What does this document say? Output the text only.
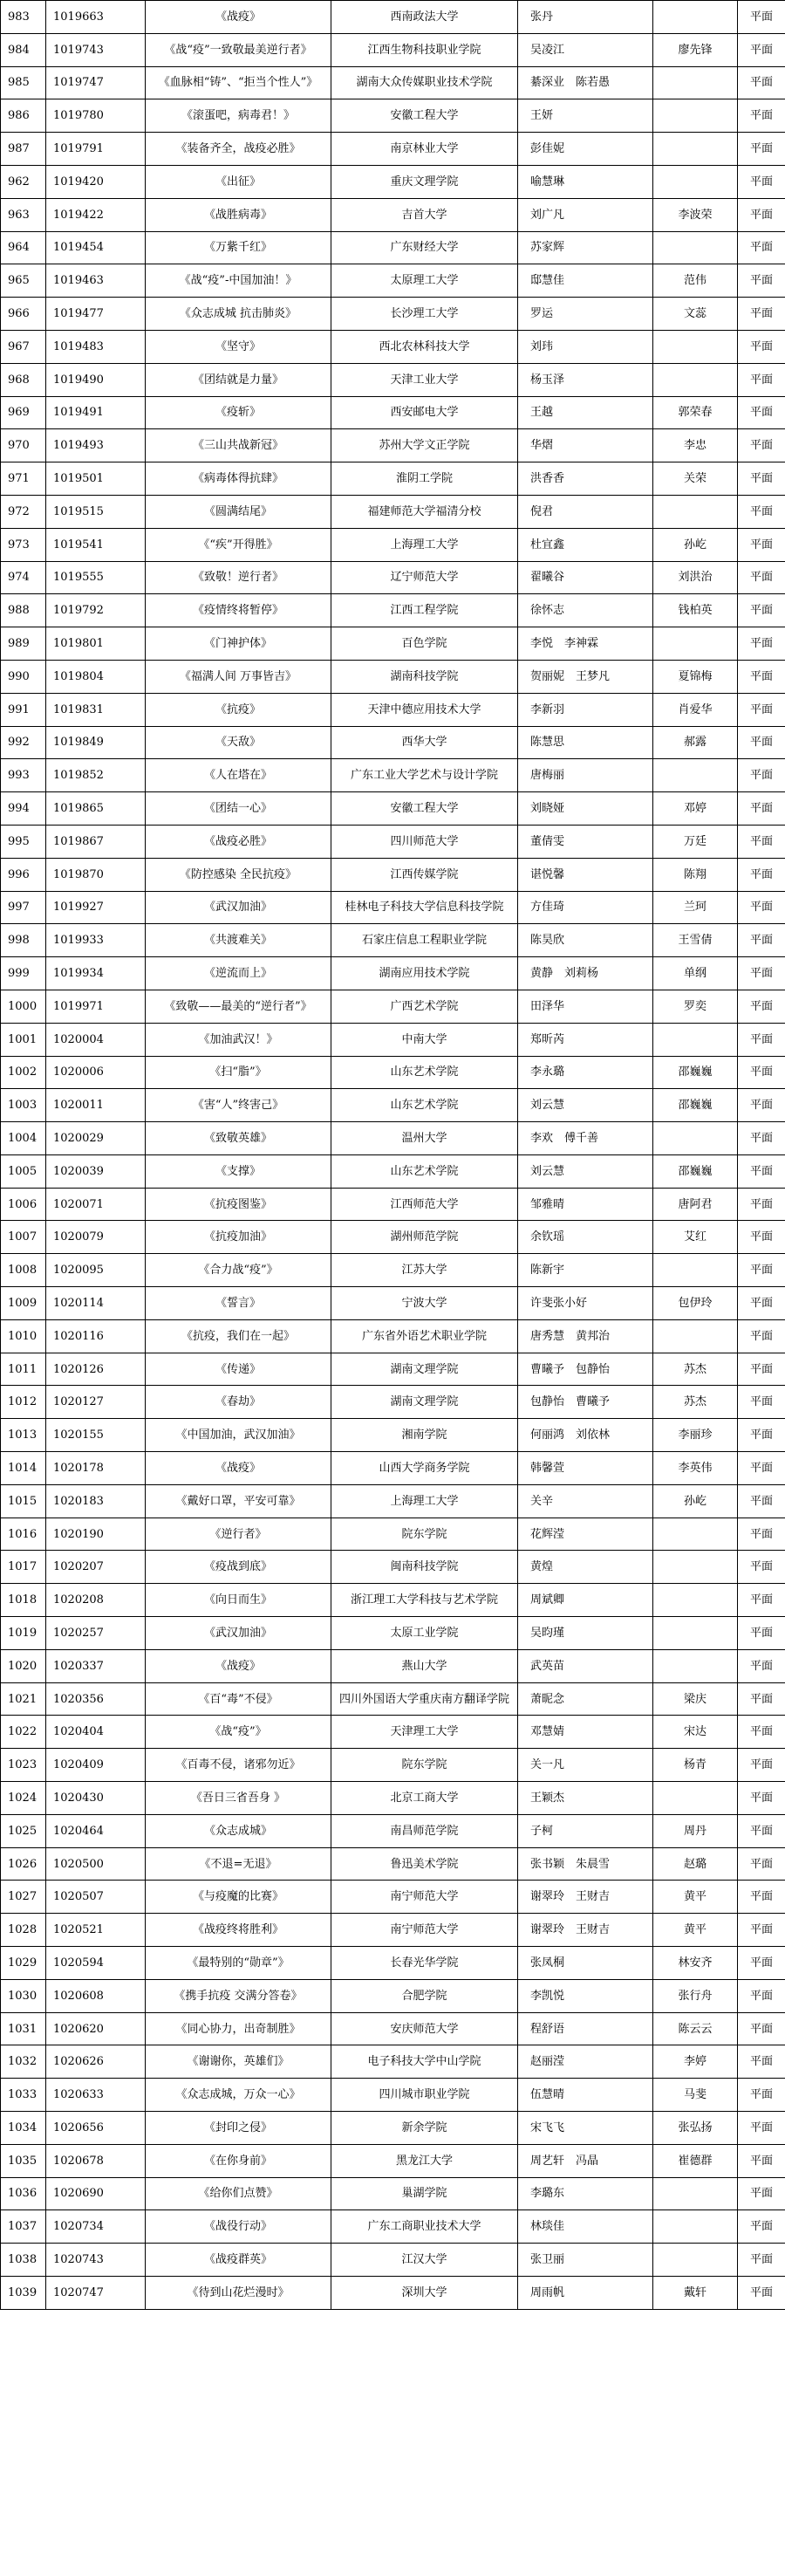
983	1019663	《战疫》	西南政法大学	张丹		平面
984	1019743	《战“疫”一致敬最美逆行者》	江西生物科技职业学院	吴凌江	廖先锋	平面
985	1019747	《血脉相“铸”、“拒当个性人”》	湖南大众传媒职业技术学院	綦深业　陈若愚		平面
986	1019780	《滚蛋吧，病毒君！》	安徽工程大学	王妍		平面
987	1019791	《装备齐全，战疫必胜》	南京林业大学	彭佳妮		平面
962	1019420	《出征》	重庆文理学院	喻慧琳		平面
963	1019422	《战胜病毒》	吉首大学	刘广凡	李波荣	平面
964	1019454	《万紫千红》	广东财经大学	苏家辉		平面
965	1019463	《战“疫”-中国加油！》	太原理工大学	邸慧佳	范伟	平面
966	1019477	《众志成城 抗击肺炎》	长沙理工大学	罗运	文蕊	平面
967	1019483	《坚守》	西北农林科技大学	刘玮		平面
968	1019490	《团结就是力量》	天津工业大学	杨玉泽		平面
969	1019491	《疫斩》	西安邮电大学	王越	郭荣春	平面
970	1019493	《三山共战新冠》	苏州大学文正学院	华熠	李忠	平面
971	1019501	《病毒体得抗肆》	淮阴工学院	洪香香	关荣	平面
972	1019515	《圆满结尾》	福建师范大学福清分校	倪君		平面
973	1019541	《“疾”开得胜》	上海理工大学	杜宜鑫	孙屹	平面
974	1019555	《致敬！逆行者》	辽宁师范大学	翟曦谷	刘洪治	平面
988	1019792	《疫情终将暂停》	江西工程学院	徐怀志	钱柏英	平面
989	1019801	《门神护体》	百色学院	李悦　李神霖		平面
990	1019804	《福满人间 万事皆吉》	湖南科技学院	贺丽妮　王梦凡	夏锦梅	平面
991	1019831	《抗疫》	天津中德应用技术大学	李新羽	肖爱华	平面
992	1019849	《天敌》	西华大学	陈慧思	郝露	平面
993	1019852	《人在塔在》	广东工业大学艺术与设计学院	唐梅丽		平面
994	1019865	《团结一心》	安徽工程大学	刘晓娅	邓婷	平面
995	1019867	《战疫必胜》	四川师范大学	董倩雯	万廷	平面
996	1019870	《防控感染 全民抗疫》	江西传媒学院	谌悦馨	陈翔	平面
997	1019927	《武汉加油》	桂林电子科技大学信息科技学院	方佳琦	兰珂	平面
998	1019933	《共渡难关》	石家庄信息工程职业学院	陈昊欣	王雪倩	平面
999	1019934	《逆流而上》	湖南应用技术学院	黄静　刘莉杨	单纲	平面
1000	1019971	《致敬——最美的“逆行者”》	广西艺术学院	田泽华	罗奕	平面
1001	1020004	《加油武汉！》	中南大学	郑昕芮		平面
1002	1020006	《扫“脂”》	山东艺术学院	李永璐	邵巍巍	平面
1003	1020011	《害“人”终害己》	山东艺术学院	刘云慧	邵巍巍	平面
1004	1020029	《致敬英雄》	温州大学	李欢　傅千善		平面
1005	1020039	《支撑》	山东艺术学院	刘云慧	邵巍巍	平面
1006	1020071	《抗疫图鉴》	江西师范大学	邹雅晴	唐阿君	平面
1007	1020079	《抗疫加油》	湖州师范学院	余钦瑶	艾红	平面
1008	1020095	《合力战“疫”》	江苏大学	陈新宇		平面
1009	1020114	《誓言》	宁波大学	许斐张小好	包伊玲	平面
1010	1020116	《抗疫，我们在一起》	广东省外语艺术职业学院	唐秀慧　黄邦治		平面
1011	1020126	《传递》	湖南文理学院	曹曦予　包静怡	苏杰	平面
1012	1020127	《春劫》	湖南文理学院	包静怡　曹曦予	苏杰	平面
1013	1020155	《中国加油，武汉加油》	湘南学院	何丽鸿　刘依林	李丽珍	平面
1014	1020178	《战疫》	山西大学商务学院	韩馨萱	李英伟	平面
1015	1020183	《戴好口罩，平安可靠》	上海理工大学	关辛	孙屹	平面
1016	1020190	《逆行者》	院东学院	花辉滢		平面
1017	1020207	《疫战到底》	闽南科技学院	黄煌		平面
1018	1020208	《向日而生》	浙江理工大学科技与艺术学院	周斌卿		平面
1019	1020257	《武汉加油》	太原工业学院	吴昀瑾		平面
1020	1020337	《战疫》	燕山大学	武英苗		平面
1021	1020356	《百“毒”不侵》	四川外国语大学重庆南方翻译学院	萧昵念	梁庆	平面
1022	1020404	《战“疫”》	天津理工大学	邓慧婧	宋达	平面
1023	1020409	《百毒不侵，诸邪勿近》	院东学院	关一凡	杨青	平面
1024	1020430	《吾日三省吾身 》	北京工商大学	王颖杰		平面
1025	1020464	《众志成城》	南昌师范学院	子柯	周丹	平面
1026	1020500	《不退=无退》	鲁迅美术学院	张书颖　朱晨雪	赵璐	平面
1027	1020507	《与疫魔的比赛》	南宁师范大学	谢翠玲　王财吉	黄平	平面
1028	1020521	《战疫终将胜利》	南宁师范大学	谢翠玲　王财吉	黄平	平面
1029	1020594	《最特别的“勋章”》	长春光华学院	张凤桐	林安齐	平面
1030	1020608	《携手抗疫 交满分答卷》	合肥学院	李凯悦	张行舟	平面
1031	1020620	《同心协力，出奇制胜》	安庆师范大学	程舒语	陈云云	平面
1032	1020626	《谢谢你，英雄们》	电子科技大学中山学院	赵丽滢	李婷	平面
1033	1020633	《众志成城，万众一心》	四川城市职业学院	伍慧晴	马斐	平面
1034	1020656	《封印之侵》	新余学院	宋飞飞	张弘扬	平面
1035	1020678	《在你身前》	黑龙江大学	周艺轩　冯晶	崔德群	平面
1036	1020690	《给你们点赞》	巢湖学院	李璐东		平面
1037	1020734	《战役行动》	广东工商职业技术大学	林琰佳		平面
1038	1020743	《战疫群英》	江汉大学	张卫丽		平面
1039	1020747	《待到山花烂漫时》	深圳大学	周雨帆	戴轩	平面
